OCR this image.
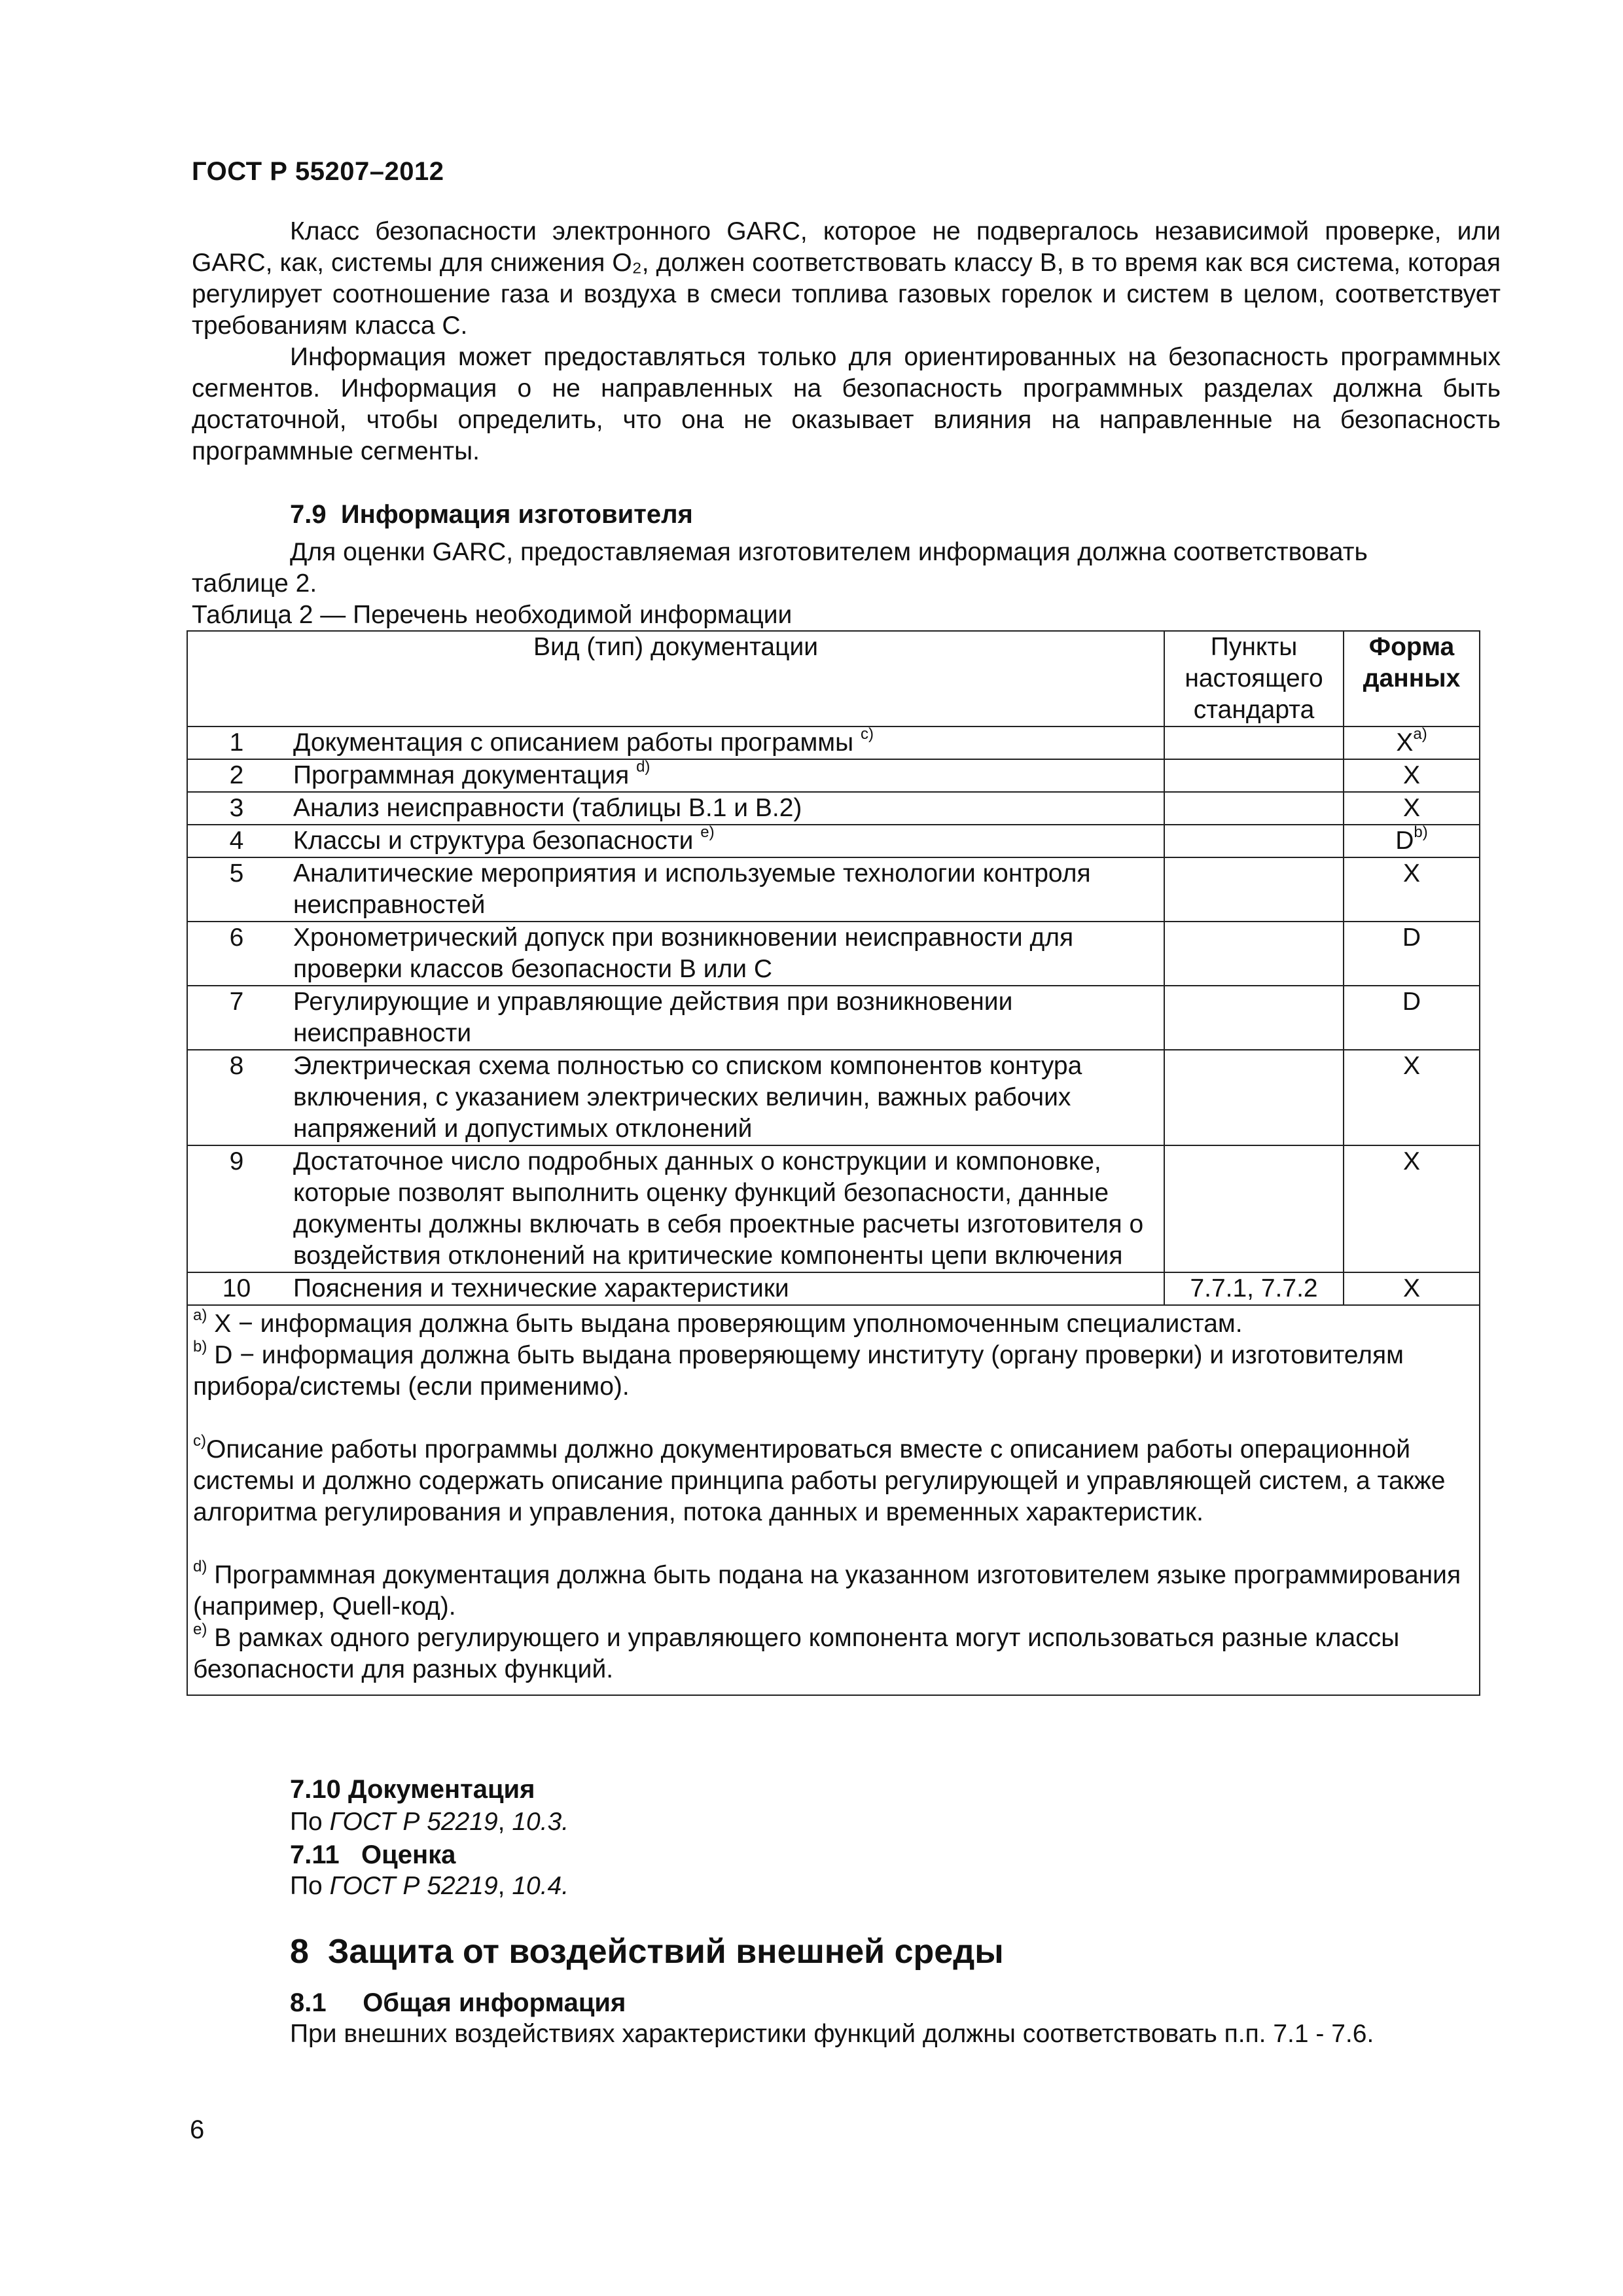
ГОСТ Р 55207–2012
Класс безопасности электронного GARC, которое не подвергалось независимой проверке, или GARC, как, системы для снижения O₂, должен соответствовать классу B, в то время как вся система, которая регулирует соотношение газа и воздуха в смеси топлива газовых горелок и систем в целом, соответствует требованиям класса C.
Информация может предоставляться только для ориентированных на безопасность программных сегментов. Информация о не направленных на безопасность программных разделах должна быть достаточной, чтобы определить, что она не оказывает влияния на направленные на безопасность программные сегменты.
7.9 Информация изготовителя
Для оценки GARC, предоставляемая изготовителем информация должна соответствовать
таблице 2.
Таблица 2 — Перечень необходимой информации
Вид (тип) документации		Пункты настоящего стандарта	Форма данных
1	Документация с описанием работы программы $^{c)}$		$X^{a)}$
2	Программная документация $^{d)}$		X
3	Анализ неисправности (таблицы B.1 и B.2)		X
4	Классы и структура безопасности $^{e)}$		$D^{b)}$
5	Аналитические мероприятия и используемые технологии контроля неисправностей		X
6	Хронометрический допуск при возникновении неисправности для проверки классов безопасности B или C		D
7	Регулирующие и управляющие действия при возникновении неисправности		D
8	Электрическая схема полностью со списком компонентов контура включения, с указанием электрических величин, важных рабочих напряжений и допустимых отклонений		X
9	Достаточное число подробных данных о конструкции и компоновке, которые позволят выполнить оценку функций безопасности, данные документы должны включать в себя проектные расчеты изготовителя о воздействия отклонений на критические компоненты цепи включения		X
10	Пояснения и технические характеристики	7.7.1, 7.7.2	X

$^{a)}$ X − информация должна быть выдана проверяющим уполномоченным специалистам.

$^{b)}$ D − информация должна быть выдана проверяющему институту (органу проверки) и изготовителям прибора/системы (если применимо).

$^{c)}$Описание работы программы должно документироваться вместе с описанием работы операционной системы и должно содержать описание принципа работы регулирующей и управляющей систем, а также алгоритма регулирования и управления, потока данных и временных характеристик.

$^{d)}$ Программная документация должна быть подана на указанном изготовителем языке программирования (например, Quell-код).

$^{e)}$ В рамках одного регулирующего и управляющего компонента могут использоваться разные классы безопасности для разных функций.			

7.10 Документация
По ГОСТ Р 52219, 10.3.
7.11 Оценка
По ГОСТ Р 52219, 10.4.
8 Защита от воздействий внешней среды
8.1 Общая информация
При внешних воздействиях характеристики функций должны соответствовать п.п. 7.1 - 7.6.
6
